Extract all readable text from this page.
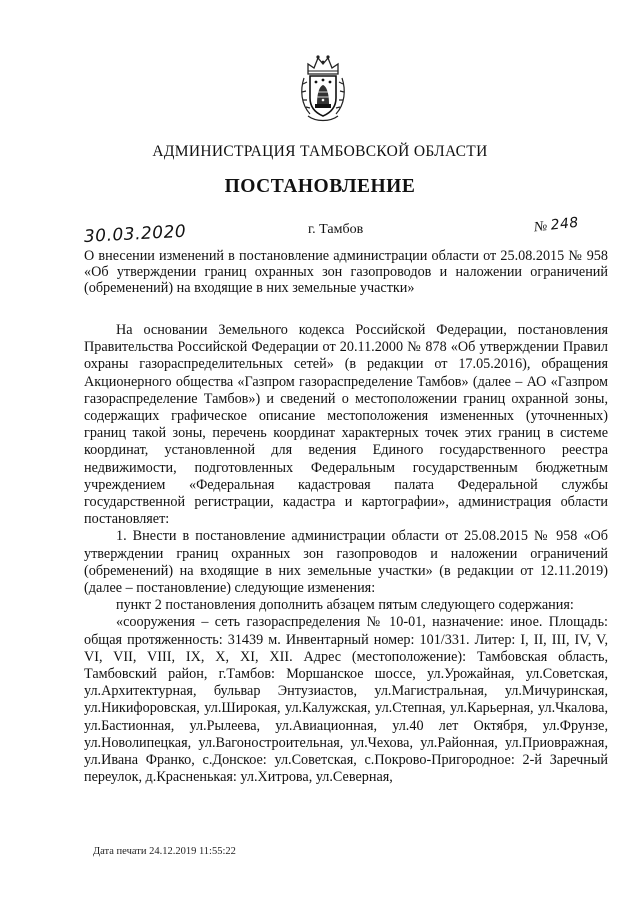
АДМИНИСТРАЦИЯ ТАМБОВСКОЙ ОБЛАСТИ
ПОСТАНОВЛЕНИЕ
30.03.2020	г. Тамбов	№ 248
О внесении изменений в постановление администрации области от 25.08.2015 № 958 «Об утверждении границ охранных зон газопроводов и наложении ограничений (обременений) на входящие в них земельные участки»

На основании Земельного кодекса Российской Федерации, постановления Правительства Российской Федерации от 20.11.2000 № 878 «Об утверждении Правил охраны газораспределительных сетей» (в редакции от 17.05.2016), обращения Акционерного общества «Газпром газораспределение Тамбов» (далее – АО «Газпром газораспределение Тамбов») и сведений о местоположении границ охранной зоны, содержащих графическое описание местоположения измененных (уточненных) границ такой зоны, перечень координат характерных точек этих границ в системе координат, установленной для ведения Единого государственного реестра недвижимости, подготовленных Федеральным государственным бюджетным учреждением «Федеральная кадастровая палата Федеральной службы государственной регистрации, кадастра и картографии», администрация области постановляет:

1. Внести в постановление администрации области от 25.08.2015 № 958 «Об утверждении границ охранных зон газопроводов и наложении ограничений (обременений) на входящие в них земельные участки» (в редакции от 12.11.2019) (далее – постановление) следующие изменения:

пункт 2 постановления дополнить абзацем пятым следующего содержания:

«сооружения – сеть газораспределения № 10-01, назначение: иное. Площадь: общая протяженность: 31439 м. Инвентарный номер: 101/331. Литер: I, II, III, IV, V, VI, VII, VIII, IX, X, XI, XII. Адрес (местоположение): Тамбовская область, Тамбовский район, г.Тамбов: Моршанское шоссе, ул.Урожайная, ул.Советская, ул.Архитектурная, бульвар Энтузиастов, ул.Магистральная, ул.Мичуринская, ул.Никифоровская, ул.Широкая, ул.Калужская, ул.Степная, ул.Карьерная, ул.Чкалова, ул.Бастионная, ул.Рылеева, ул.Авиационная, ул.40 лет Октября, ул.Фрунзе, ул.Новолипецкая, ул.Вагоностроительная, ул.Чехова, ул.Районная, ул.Приовражная, ул.Ивана Франко, с.Донское: ул.Советская, с.Покрово-Пригородное: 2-й Заречный переулок, д.Красненькая: ул.Хитрова, ул.Северная,

Дата печати 24.12.2019 11:55:22
